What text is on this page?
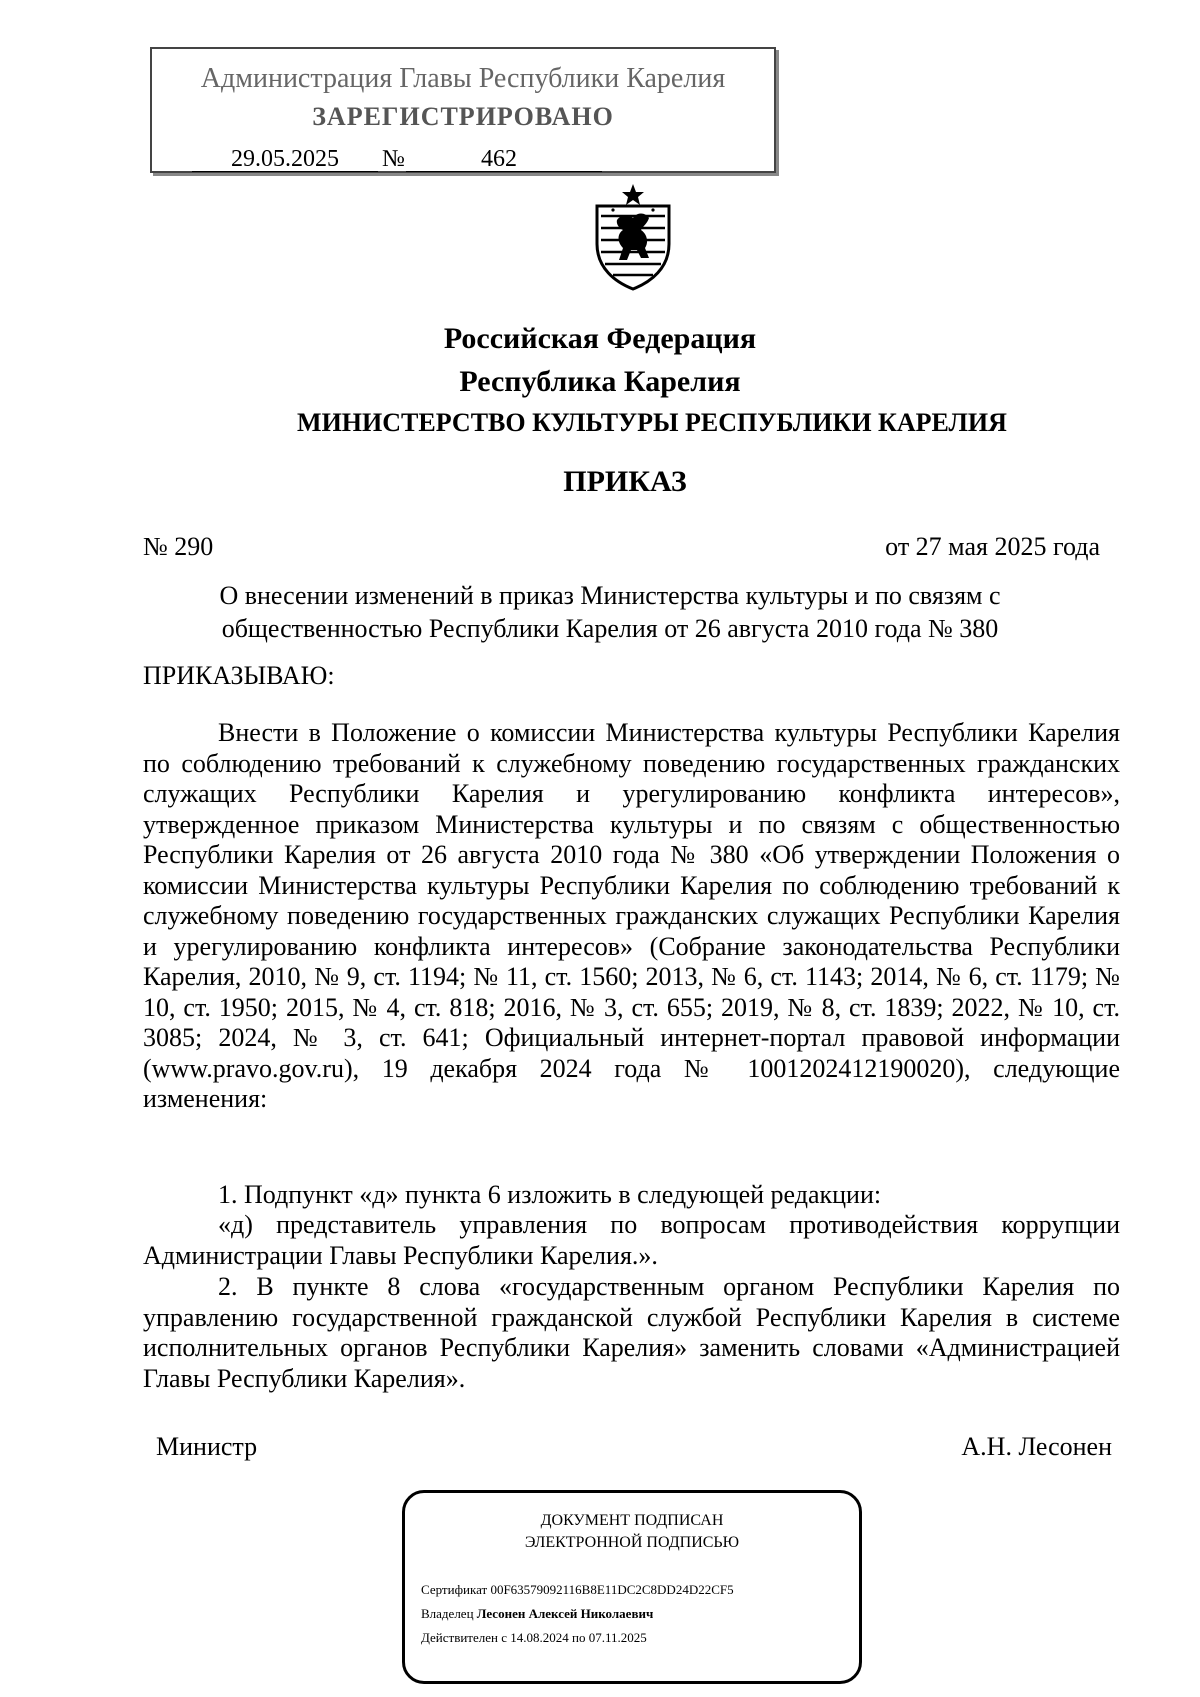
Администрация Главы Республики Карелия
ЗАРЕГИСТРИРОВАНО
29.05.2025	№	462
Российская Федерация
Республика Карелия
МИНИСТЕРСТВО КУЛЬТУРЫ РЕСПУБЛИКИ КАРЕЛИЯ
ПРИКАЗ
№ 290	от 27 мая 2025 года
О внесении изменений в приказ Министерства культуры и по связям с общественностью Республики Карелия от 26 августа 2010 года № 380
ПРИКАЗЫВАЮ:
Внести в Положение о комиссии Министерства культуры Республики Карелия по соблюдению требований к служебному поведению государственных гражданских служащих Республики Карелия и урегулированию конфликта интересов», утвержденное приказом Министерства культуры и по связям с общественностью Республики Карелия от 26 августа 2010 года № 380 «Об утверждении Положения о комиссии Министерства культуры Республики Карелия по соблюдению требований к служебному поведению государственных гражданских служащих Республики Карелия и урегулированию конфликта интересов» (Собрание законодательства Республики Карелия, 2010, № 9, ст. 1194; № 11, ст. 1560; 2013, № 6, ст. 1143; 2014, № 6, ст. 1179; № 10, ст. 1950; 2015, № 4, ст. 818; 2016, № 3, ст. 655; 2019, № 8, ст. 1839; 2022, № 10, ст. 3085; 2024, № 3, ст. 641; Официальный интернет-портал правовой информации (www.pravo.gov.ru), 19 декабря 2024 года № 1001202412190020), следующие изменения:
1. Подпункт «д» пункта 6 изложить в следующей редакции:
«д) представитель управления по вопросам противодействия коррупции Администрации Главы Республики Карелия.».
2. В пункте 8 слова «государственным органом Республики Карелия по управлению государственной гражданской службой Республики Карелия в системе исполнительных органов Республики Карелия» заменить словами «Администрацией Главы Республики Карелия».
Министр	А.Н. Лесонен
ДОКУМЕНТ ПОДПИСАН
ЭЛЕКТРОННОЙ ПОДПИСЬЮ
Сертификат 00F63579092116B8E11DC2C8DD24D22CF5
Владелец Лесонен Алексей Николаевич
Действителен с 14.08.2024 по 07.11.2025
